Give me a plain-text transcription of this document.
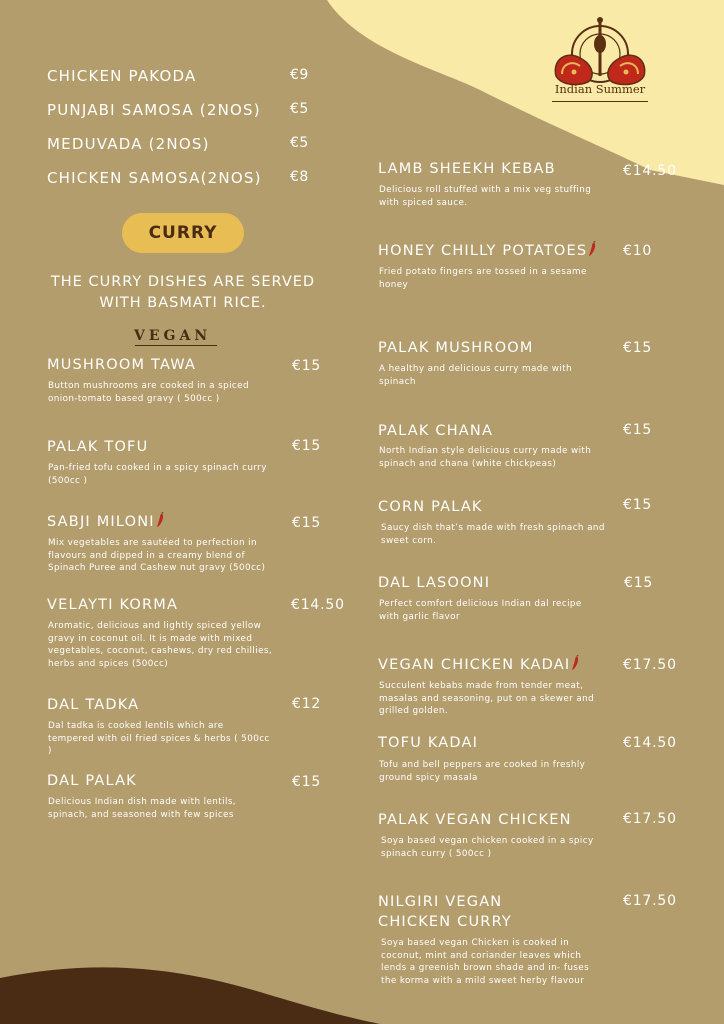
Indian Summer
CHICKEN PAKODA	€9
PUNJABI SAMOSA (2NOS) €5
MEDUVADA (2NOS)	€5
CHICKEN SAMOSA(2NOS) €8
CURRY
THE CURRY DISHES ARE SERVED WITH BASMATI RICE.
VEGAN
MUSHROOM TAWA	€15
Button mushrooms are cooked in a spiced onion-tomato based gravy ( 500cc )
PALAK TOFU	€15
Pan-fried tofu cooked in a spicy spinach curry (500cc )
SABJI MILONI	€15
Mix vegetables are sautéed to perfection in flavours and dipped in a creamy blend of Spinach Puree and Cashew nut gravy (500cc)
VELAYTI KORMA	€14.50
Aromatic, delicious and lightly spiced yellow gravy in coconut oil. It is made with mixed vegetables, coconut, cashews, dry red chillies, herbs and spices (500cc)
DAL TADKA	€12
Dal tadka is cooked lentils which are tempered with oil fried spices & herbs ( 500cc )
DAL PALAK	€15
Delicious Indian dish made with lentils, spinach, and seasoned with few spices
LAMB SHEEKH KEBAB	€14.50
Delicious roll stuffed with a mix veg stuffing with spiced sauce.
HONEY CHILLY POTATOES	€10
Fried potato fingers are tossed in a sesame honey
PALAK MUSHROOM	€15
A healthy and delicious curry made with spinach
PALAK CHANA	€15
North Indian style delicious curry made with spinach and chana (white chickpeas)
CORN PALAK	€15
Saucy dish that’s made with fresh spinach and sweet corn.
DAL LASOONI	€15
Perfect comfort delicious Indian dal recipe with garlic flavor
VEGAN CHICKEN KADAI	€17.50
Succulent kebabs made from tender meat, masalas and seasoning, put on a skewer and grilled golden.
TOFU KADAI	€14.50
Tofu and bell peppers are cooked in freshly ground spicy masala
PALAK VEGAN CHICKEN	€17.50
Soya based vegan chicken cooked in a spicy spinach curry ( 500cc )
NILGIRI VEGAN CHICKEN CURRY
€17.50
Soya based vegan Chicken is cooked in coconut, mint and coriander leaves which lends a greenish brown shade and in- fuses the korma with a mild sweet herby flavour
